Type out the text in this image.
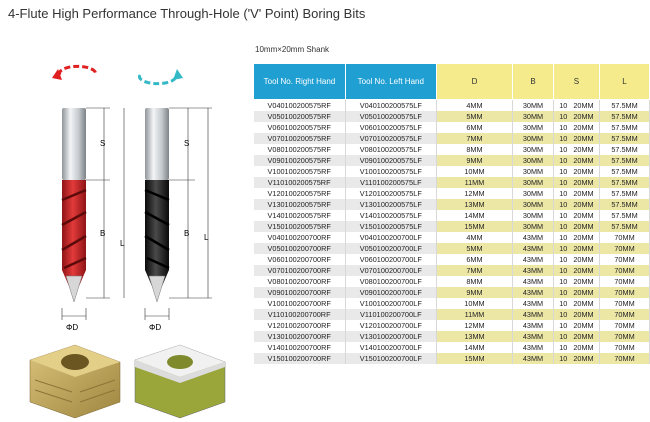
4-Flute High Performance Through-Hole ('V' Point) Boring Bits
10mm×20mm Shank
S
L
B
ΦD
S
L
B
ΦD
Tool No. Right Hand	Tool No. Left Hand	D	B	S	L
V040100200575RF	V040100200575LF	4MM	30MM	10 20MM	57.5MM
V050100200575RF	V050100200575LF	5MM	30MM	10 20MM	57.5MM
V060100200575RF	V060100200575LF	6MM	30MM	10 20MM	57.5MM
V070100200575RF	V070100200575LF	7MM	30MM	10 20MM	57.5MM
V080100200575RF	V080100200575LF	8MM	30MM	10 20MM	57.5MM
V090100200575RF	V090100200575LF	9MM	30MM	10 20MM	57.5MM
V100100200575RF	V100100200575LF	10MM	30MM	10 20MM	57.5MM
V110100200575RF	V110100200575LF	11MM	30MM	10 20MM	57.5MM
V120100200575RF	V120100200575LF	12MM	30MM	10 20MM	57.5MM
V130100200575RF	V130100200575LF	13MM	30MM	10 20MM	57.5MM
V140100200575RF	V140100200575LF	14MM	30MM	10 20MM	57.5MM
V150100200575RF	V150100200575LF	15MM	30MM	10 20MM	57.5MM
V040100200700RF	V040100200700LF	4MM	43MM	10 20MM	70MM
V050100200700RF	V050100200700LF	5MM	43MM	10 20MM	70MM
V060100200700RF	V060100200700LF	6MM	43MM	10 20MM	70MM
V070100200700RF	V070100200700LF	7MM	43MM	10 20MM	70MM
V080100200700RF	V080100200700LF	8MM	43MM	10 20MM	70MM
V090100200700RF	V090100200700LF	9MM	43MM	10 20MM	70MM
V100100200700RF	V100100200700LF	10MM	43MM	10 20MM	70MM
V110100200700RF	V110100200700LF	11MM	43MM	10 20MM	70MM
V120100200700RF	V120100200700LF	12MM	43MM	10 20MM	70MM
V130100200700RF	V130100200700LF	13MM	43MM	10 20MM	70MM
V140100200700RF	V140100200700LF	14MM	43MM	10 20MM	70MM
V150100200700RF	V150100200700LF	15MM	43MM	10 20MM	70MM
